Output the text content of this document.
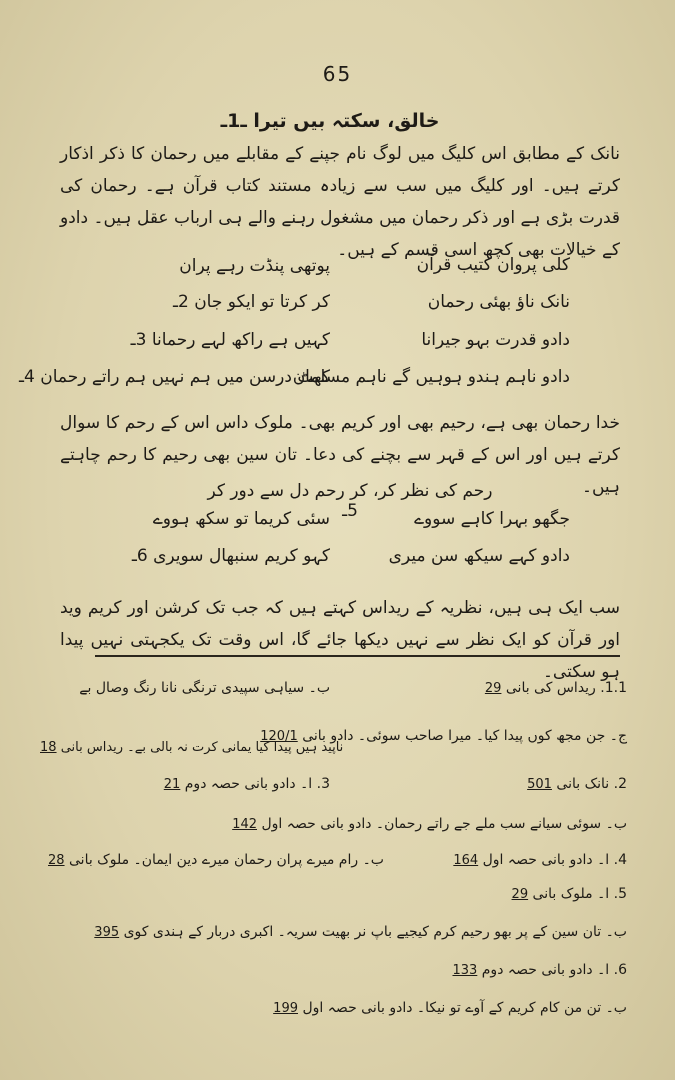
65
خالق، سکتہ بیں تیرا ـ1ـ
نانک کے مطابق اس کلیگ میں لوگ نام جپنے کے مقابلے میں رحمان کا ذکر اذکار کرتے ہیں۔ اور کلیگ میں سب سے زیادہ مستند کتاب قرآن ہے۔ رحمان کی قدرت بڑی ہے اور ذکر رحمان میں مشغول رہنے والے ہی ارباب عقل ہیں۔ دادو کے خیالات بھی کچھ اسی قسم کے ہیں۔
کلی پروان کتیب قرآن
پوتھی پنڈت رہے پران
نانک ناؤ بھئی رحمان
کر کرتا تو ایکو جان 2ـ
دادو قدرت بہو جیرانا
کہیں ہے راکھ لہے رحمانا 3ـ
دادو ناہم ہندو ہوہیں گے ناہم مسلمان
کھٹ درسن میں ہم نہیں ہم راتے رحمان 4ـ
خدا رحمان بھی ہے، رحیم بھی اور کریم بھی۔ ملوک داس اس کے رحم کا سوال کرتے ہیں اور اس کے قہر سے بچنے کی دعا۔ تان سین بھی رحیم کا رحم چاہتے ہیں۔
رحم کی نظر کر، کر رحم دل سے دور کر 5ـ	جگھو بہرا کاہے سووے
سئی کریما تو سکھ ہووے
دادو کہے سیکھ سن میری
کہو کریم سنبھال سویری 6ـ
سب ایک ہی ہیں، نظریہ کے ریداس کہتے ہیں کہ جب تک کرشن اور کریم وید اور قرآن کو ایک نظر سے نہیں دیکھا جائے گا، اس وقت تک یکجہتی نہیں پیدا ہو سکتی۔
1.1. ریداس کی بانی 29
ب۔ سیاہی سپیدی ترنگی نانا رنگ وصال بے
ج۔ جن مجھ کوں پیدا کیا۔ میرا صاحب سوئی۔ دادو بانی 120/1
ناپید ہیں پیدا کیا یمانی کرت نہ بالی بے۔ ریداس بانی 18
2. نانک بانی 501
3. ا۔ دادو بانی حصہ دوم 21
ب۔ سوئی سیانے سب ملے جے راتے رحمان۔ دادو بانی حصہ اول 142
4. ا۔ دادو بانی حصہ اول 164
ب۔ رام میرے پران رحمان میرے دین ایمان۔ ملوک بانی 28
5. ا۔ ملوک بانی 29
ب۔ تان سین کے پر بھو رحیم کرم کیجیے باپ نر بھیت سریہ۔ اکبری دربار کے ہندی کوی 395
6. ا۔ دادو بانی حصہ دوم 133
ب۔ تن من کام کریم کے آوے تو نیکا۔ دادو بانی حصہ اول 199
